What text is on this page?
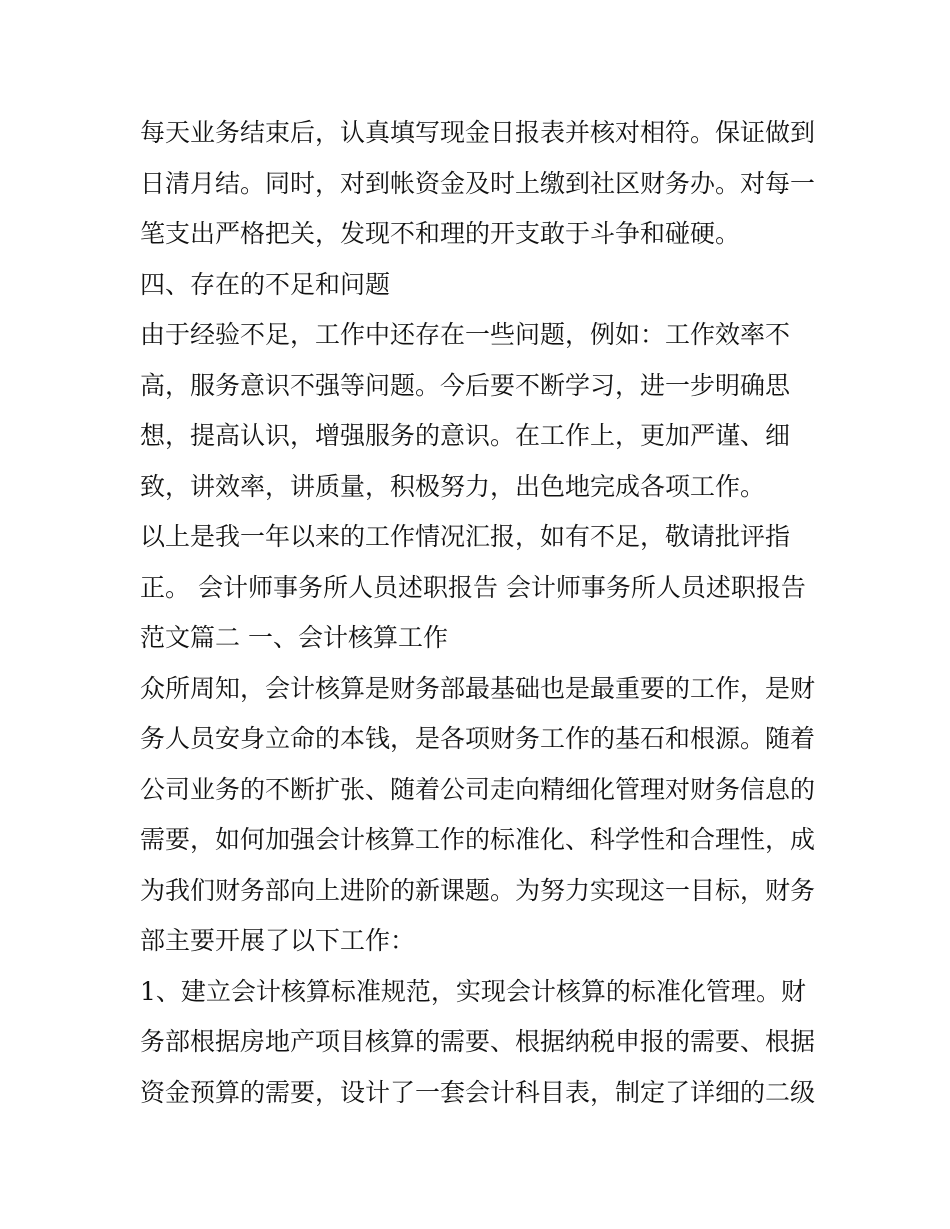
每天业务结束后，认真填写现金日报表并核对相符。保证做到
日清月结。同时，对到帐资金及时上缴到社区财务办。对每一
笔支出严格把关，发现不和理的开支敢于斗争和碰硬。
四、存在的不足和问题
由于经验不足，工作中还存在一些问题，例如：工作效率不
高，服务意识不强等问题。今后要不断学习，进一步明确思
想，提高认识，增强服务的意识。在工作上，更加严谨、细
致，讲效率，讲质量，积极努力，出色地完成各项工作。
以上是我一年以来的工作情况汇报，如有不足，敬请批评指
正。 会计师事务所人员述职报告 会计师事务所人员述职报告
范文篇二 一、会计核算工作
众所周知，会计核算是财务部最基础也是最重要的工作，是财
务人员安身立命的本钱，是各项财务工作的基石和根源。随着
公司业务的不断扩张、随着公司走向精细化管理对财务信息的
需要，如何加强会计核算工作的标准化、科学性和合理性，成
为我们财务部向上进阶的新课题。为努力实现这一目标，财务
部主要开展了以下工作：
1、建立会计核算标准规范，实现会计核算的标准化管理。财
务部根据房地产项目核算的需要、根据纳税申报的需要、根据
资金预算的需要，设计了一套会计科目表，制定了详细的二级
